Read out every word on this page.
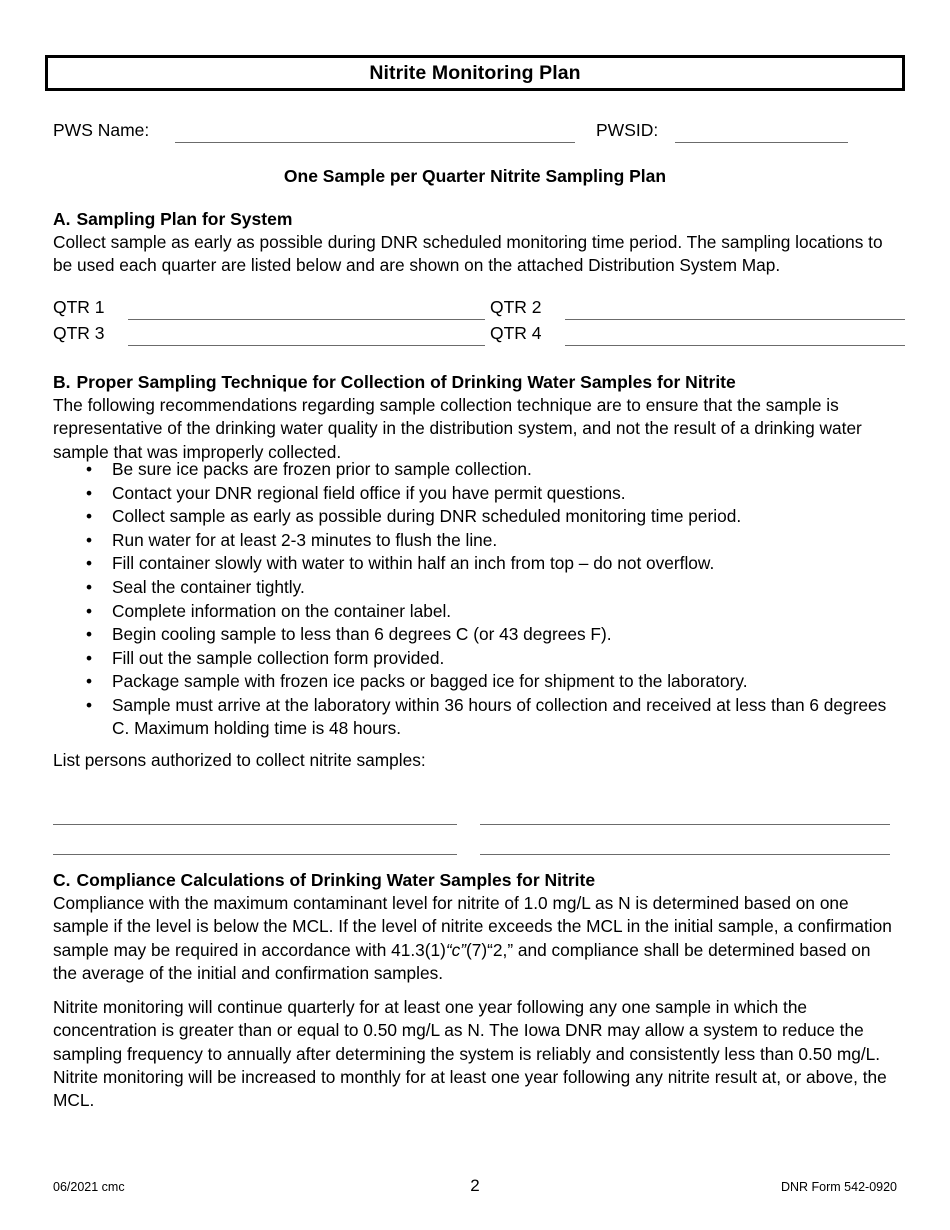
Nitrite Monitoring Plan
PWS Name:	PWSID:
One Sample per Quarter Nitrite Sampling Plan
A. Sampling Plan for System
Collect sample as early as possible during DNR scheduled monitoring time period. The sampling locations to be used each quarter are listed below and are shown on the attached Distribution System Map.
QTR 1	QTR 2
QTR 3	QTR 4
B. Proper Sampling Technique for Collection of Drinking Water Samples for Nitrite
The following recommendations regarding sample collection technique are to ensure that the sample is representative of the drinking water quality in the distribution system, and not the result of a drinking water sample that was improperly collected.
• Be sure ice packs are frozen prior to sample collection.
• Contact your DNR regional field office if you have permit questions.
• Collect sample as early as possible during DNR scheduled monitoring time period.
• Run water for at least 2-3 minutes to flush the line.
• Fill container slowly with water to within half an inch from top – do not overflow.
• Seal the container tightly.
• Complete information on the container label.
• Begin cooling sample to less than 6 degrees C (or 43 degrees F).
• Fill out the sample collection form provided.
• Package sample with frozen ice packs or bagged ice for shipment to the laboratory.
• Sample must arrive at the laboratory within 36 hours of collection and received at less than 6 degrees C. Maximum holding time is 48 hours.
List persons authorized to collect nitrite samples:
C. Compliance Calculations of Drinking Water Samples for Nitrite
Compliance with the maximum contaminant level for nitrite of 1.0 mg/L as N is determined based on one sample if the level is below the MCL. If the level of nitrite exceeds the MCL in the initial sample, a confirmation sample may be required in accordance with 41.3(1)“c”(7)“2,” and compliance shall be determined based on the average of the initial and confirmation samples.
Nitrite monitoring will continue quarterly for at least one year following any one sample in which the concentration is greater than or equal to 0.50 mg/L as N. The Iowa DNR may allow a system to reduce the sampling frequency to annually after determining the system is reliably and consistently less than 0.50 mg/L. Nitrite monitoring will be increased to monthly for at least one year following any nitrite result at, or above, the MCL.
06/2021 cmc	2	DNR Form 542-0920
